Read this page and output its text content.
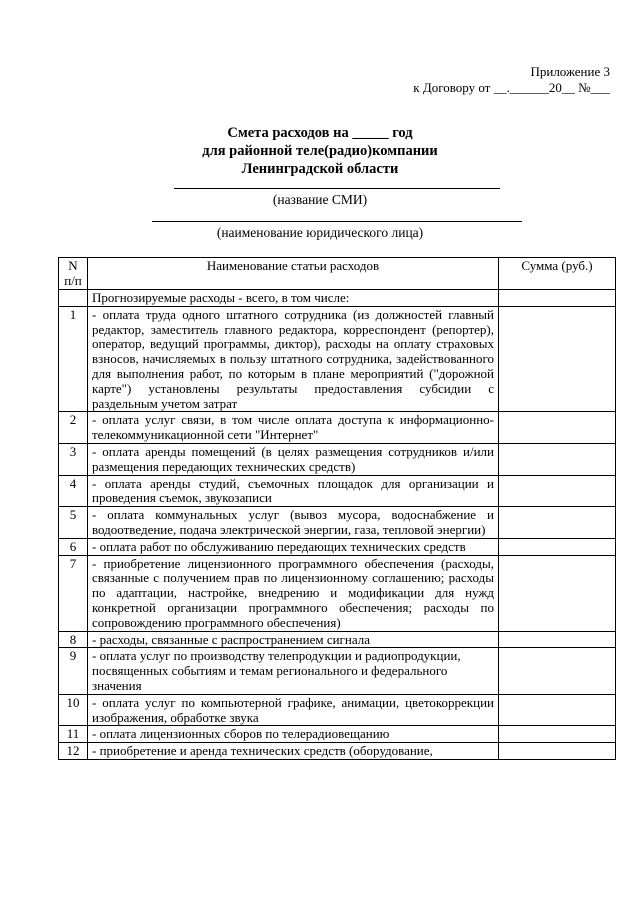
Приложение 3
к Договору от __.______20__ №___
Смета расходов на _____ год
для районной теле(радио)компании
Ленинградской области
(название СМИ)
(наименование юридического лица)
N п/п	Наименование статьи расходов	Сумма (руб.)
	Прогнозируемые расходы - всего, в том числе:	
1	- оплата труда одного штатного сотрудника (из должностей главный редактор, заместитель главного редактора, корреспондент (репортер), оператор, ведущий программы, диктор), расходы на оплату страховых взносов, начисляемых в пользу штатного сотрудника, задействованного для выполнения работ, по которым в плане мероприятий ("дорожной карте") установлены результаты предоставления субсидии с раздельным учетом затрат	
2	- оплата услуг связи, в том числе оплата доступа к информационно-телекоммуникационной сети "Интернет"	
3	- оплата аренды помещений (в целях размещения сотрудников и/или размещения передающих технических средств)	
4	- оплата аренды студий, съемочных площадок для организации и проведения съемок, звукозаписи	
5	- оплата коммунальных услуг (вывоз мусора, водоснабжение и водоотведение, подача электрической энергии, газа, тепловой энергии)	
6	- оплата работ по обслуживанию передающих технических средств	
7	- приобретение лицензионного программного обеспечения (расходы, связанные с получением прав по лицензионному соглашению; расходы по адаптации, настройке, внедрению и модификации для нужд конкретной организации программного обеспечения; расходы по сопровождению программного обеспечения)	
8	- расходы, связанные с распространением сигнала	
9	- оплата услуг по производству телепродукции и радиопродукции, посвященных событиям и темам регионального и федерального значения	
10	- оплата услуг по компьютерной графике, анимации, цветокоррекции изображения, обработке звука	
11	- оплата лицензионных сборов по телерадиовещанию	
12	- приобретение и аренда технических средств (оборудование,	
